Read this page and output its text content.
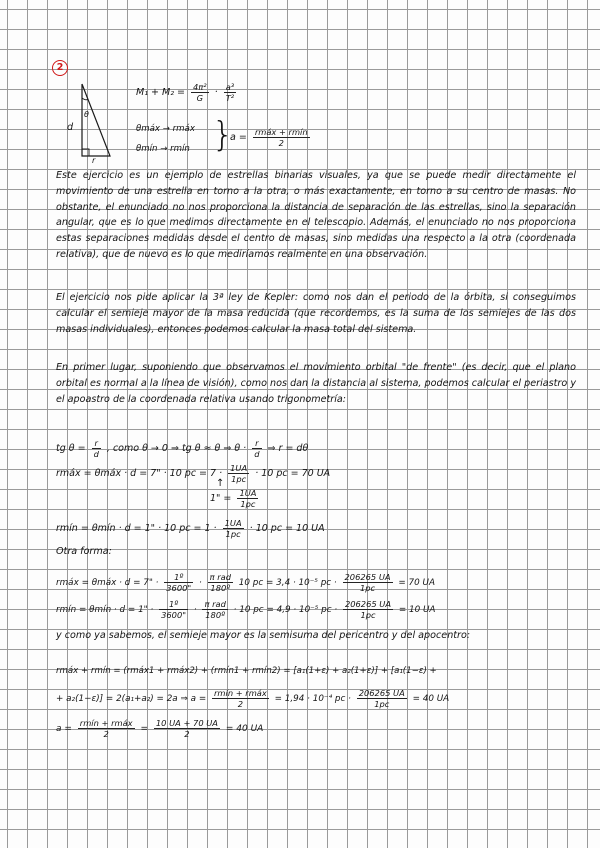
2
d
θ
r
$M_1 + M_2 = \frac{\text{4π²}}{G} \cdot \frac{\text{a³}}{\text{T²}}$
θmáx → rmáx
θmín → rmín }
$a = \frac{\text{rmáx + rmín}}{2}$

Este ejercicio es un ejemplo de estrellas binarias visuales, ya que se puede medir directamente el movimiento de una estrella en torno a la otra, o más exactamente, en torno a su centro de masas. No obstante, el enunciado no nos proporciona la distancia de separación de las estrellas, sino la separación angular, que es lo que medimos directamente en el telescopio. Además, el enunciado no nos proporciona estas separaciones medidas desde el centro de masas, sino medidas una respecto a la otra (coordenada relativa), que de nuevo es lo que mediríamos realmente en una observación.

El ejercicio nos pide aplicar la 3ª ley de Kepler: como nos dan el periodo de la órbita, si conseguimos calcular el semieje mayor de la masa reducida (que recordemos, es la suma de los semiejes de las dos masas individuales), entonces podemos calcular la masa total del sistema.

En primer lugar, suponiendo que observamos el movimiento orbital "de frente" (es decir, que el plano orbital es normal a la línea de visión), como nos dan la distancia al sistema, podemos calcular el periastro y el apoastro de la coordenada relativa usando trigonometría:

tg $\theta = \frac{r}{d}$ , como θ → 0 ⇒ tg θ ≈ θ ⇒ $\theta \cdot \frac{r}{d}$ ⇒ r = dθ
rmáx = θmáx · d = 7" · 10 pc = $7 \cdot \frac{1UA}{1pc} \cdot 10$ pc = 70 UA
↑
1" = $\frac{1UA}{1pc}$
rmín = θmín · d = 1" · 10 pc = $1 \cdot \frac{1UA}{1pc} \cdot 10$ pc = 10 UA
Otra forma:
rmáx = θmáx · d = 7" · $\frac{\text{1º}}{3600"} \cdot \frac{\text{π rad}}{\text{180º}} 10$ pc = 3,4 · 10⁻⁵ pc · $\frac{206265 UA}{1pc} = 70$ UA
rmín = θmín · d = 1" · $\frac{\text{1º}}{3600"} \cdot \frac{\text{π rad}}{\text{180º}} \cdot 10$ pc = 4,9 · 10⁻⁵ pc · $\frac{206265 UA}{1pc} = 10$ UA

y como ya sabemos, el semieje mayor es la semisuma del pericentro y del apocentro:

rmáx + rmín = (rmáx1 + rmáx2) + (rmín1 + rmín2) = [a₁(1+ε) + a₂(1+ε)] + [a₁(1−ε) +
+ a₂(1−ε)] = 2(a₁+a₂) = 2a ⇒ $a = \frac{\text{rmín + rmáx}}{2} = 1,94 \cdot 10^{-4}$ pc · $\frac{206265 UA}{1pc} = 40$ UA
$a = \frac{\text{rmín + rmáx}}{2} = \frac{10 UA + 70 UA}{2} = 40$ UA
